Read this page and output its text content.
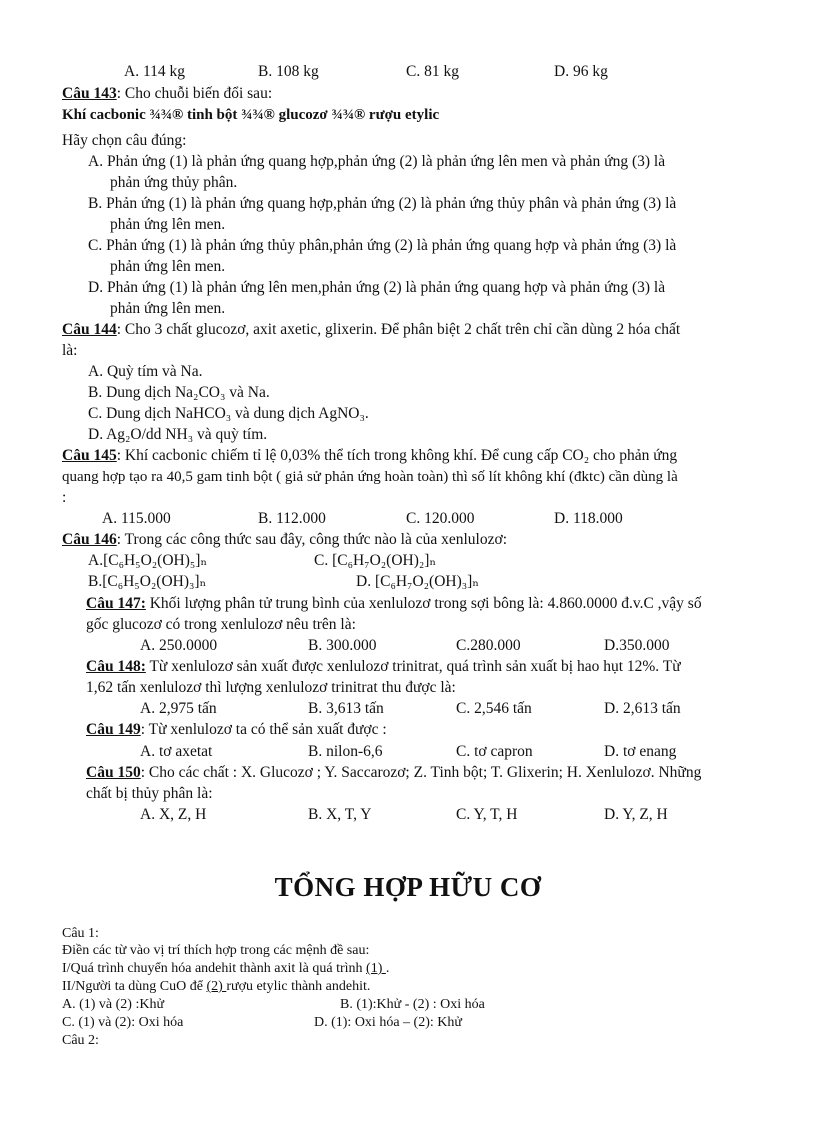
A. 114 kg	B. 108 kg	C. 81 kg	D. 96 kg
Câu 143: Cho chuỗi biến đổi sau:
Khí cacbonic ¾¾® tinh bột ¾¾® glucozơ ¾¾® rượu etylic
Hãy chọn câu đúng:
A. Phản ứng (1) là phản ứng quang hợp,phản ứng (2) là phản ứng lên men và phản ứng (3) là
phản ứng thủy phân.
B. Phản ứng (1) là phản ứng quang hợp,phản ứng (2) là phản ứng thủy phân và phản ứng (3) là
phản ứng lên men.
C. Phản ứng (1) là phản ứng thủy phân,phản ứng (2) là phản ứng quang hợp và phản ứng (3) là
phản ứng lên men.
D. Phản ứng (1) là phản ứng lên men,phản ứng (2) là phản ứng quang hợp và phản ứng (3) là
phản ứng lên men.
Câu 144: Cho 3 chất glucozơ, axit axetic, glixerin. Để phân biệt 2 chất trên chỉ cần dùng 2 hóa chất
là:
A. Quỳ tím và Na.
B. Dung dịch Na₂CO₃ và Na.
C. Dung dịch NaHCO₃ và dung dịch AgNO₃.
D. Ag₂O/dd NH₃ và quỳ tím.
Câu 145: Khí cacbonic chiếm tỉ lệ 0,03% thể tích trong không khí. Để cung cấp CO₂ cho phản ứng
quang hợp tạo ra 40,5 gam tinh bột ( giả sử phản ứng hoàn toàn) thì số lít không khí (đktc) cần dùng là
:
A. 115.000	B. 112.000	C. 120.000	D. 118.000
Câu 146: Trong các công thức sau đây, công thức nào là của xenlulozơ:
A.[C₆H₅O₂(OH)₅]ₙ	C. [C₆H₇O₂(OH)₂]ₙ
B.[C₆H₅O₂(OH)₃]ₙ	D. [C₆H₇O₂(OH)₃]ₙ
Câu 147: Khối lượng phân tử trung bình của xenlulozơ trong sợi bông là: 4.860.0000 đ.v.C ,vậy số
gốc glucozơ có trong xenlulozơ nêu trên là:
A. 250.0000	B. 300.000	C.280.000	D.350.000
Câu 148: Từ xenlulozơ sản xuất được xenlulozơ trinitrat, quá trình sản xuất bị hao hụt 12%. Từ
1,62 tấn xenlulozơ thì lượng xenlulozơ trinitrat thu được là:
A. 2,975 tấn	B. 3,613 tấn	C. 2,546 tấn	D. 2,613 tấn
Câu 149: Từ xenlulozơ ta có thể sản xuất được :
A. tơ axetat	B. nilon-6,6	C. tơ capron	D. tơ enang
Câu 150: Cho các chất : X. Glucozơ ; Y. Saccarozơ; Z. Tinh bột; T. Glixerin; H. Xenlulozơ. Những
chất bị thủy phân là:
A. X, Z, H	B. X, T, Y	C. Y, T, H	D. Y, Z, H
TỔNG HỢP HỮU CƠ
Câu 1:
Điền các từ vào vị trí thích hợp trong các mệnh đề sau:
I/Quá trình chuyển hóa andehit thành axit là quá trình (1) .
II/Người ta dùng CuO để (2) rượu etylic thành andehit.
A. (1) và (2) :Khử	B. (1):Khử - (2) : Oxi hóa
C. (1) và (2): Oxi hóa	D. (1): Oxi hóa – (2): Khử
Câu 2:
